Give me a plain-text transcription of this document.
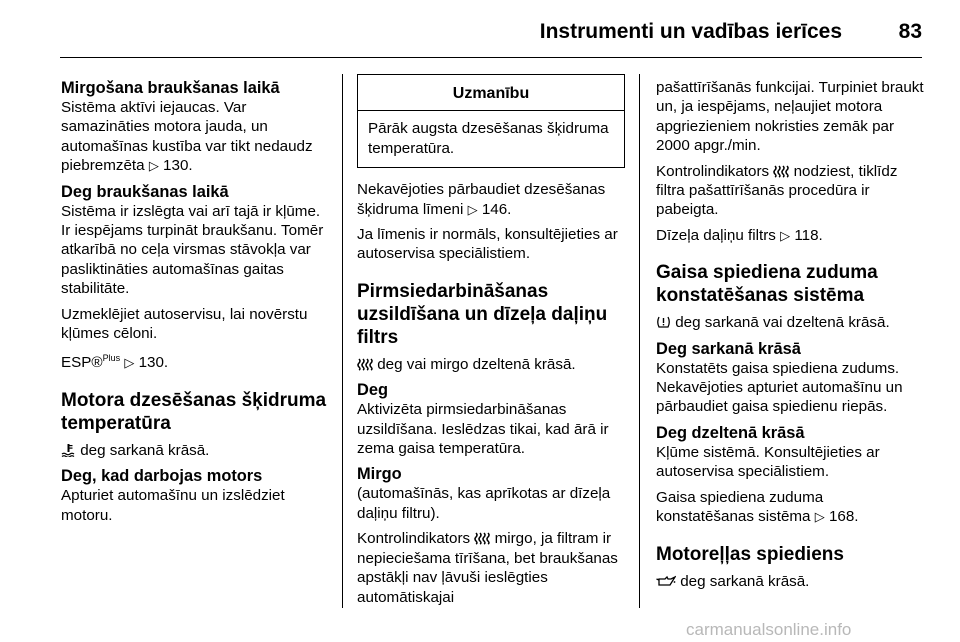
Instrumenti un vadības ierīces	83
Mirgošana braukšanas laikā

Sistēma aktīvi iejaucas. Var samazināties motora jauda, un automašīnas kustība var tikt nedaudz piebremzēta ▷ 130.

Deg braukšanas laikā

Sistēma ir izslēgta vai arī tajā ir kļūme. Ir iespējams turpināt braukšanu. Tomēr atkarībā no ceļa virsmas stāvokļa var pasliktināties automašīnas gaitas stabilitāte.

Uzmeklējiet autoservisu, lai novērstu kļūmes cēloni.

ESP®$^{Plus}$ ▷ 130.

Motora dzesēšanas šķidruma temperatūra

deg sarkanā krāsā.

Deg, kad darbojas motors

Apturiet automašīnu un izslēdziet motoru.

Uzmanību
Pārāk augsta dzesēšanas šķidruma temperatūra.

Nekavējoties pārbaudiet dzesēšanas šķidruma līmeni ▷ 146.

Ja līmenis ir normāls, konsultējieties ar autoservisa speciālistiem.

Pirmsiedarbināšanas uzsildīšana un dīzeļa daļiņu filtrs

deg vai mirgo dzeltenā krāsā.

Deg

Aktivizēta pirmsiedarbināšanas uzsildīšana. Ieslēdzas tikai, kad ārā ir zema gaisa temperatūra.

Mirgo

(automašīnās, kas aprīkotas ar dīzeļa daļiņu filtru).

Kontrolindikators mirgo, ja filtram ir nepieciešama tīrīšana, bet braukšanas apstākļi nav ļāvuši ieslēgties automātiskajai

pašattīrīšanās funkcijai. Turpiniet braukt un, ja iespējams, neļaujiet motora apgriezieniem nokristies zemāk par 2000 apgr./min.

Kontrolindikators nodziest, tiklīdz filtra pašattīrīšanās procedūra ir pabeigta.

Dīzeļa daļiņu filtrs ▷ 118.

Gaisa spiediena zuduma konstatēšanas sistēma

deg sarkanā vai dzeltenā krāsā.

Deg sarkanā krāsā

Konstatēts gaisa spiediena zudums. Nekavējoties apturiet automašīnu un pārbaudiet gaisa spiedienu riepās.

Deg dzeltenā krāsā

Kļūme sistēmā. Konsultējieties ar autoservisa speciālistiem.

Gaisa spiediena zuduma konstatēšanas sistēma ▷ 168.

Motoreļļas spiediens

deg sarkanā krāsā.

carmanualsonline.info
